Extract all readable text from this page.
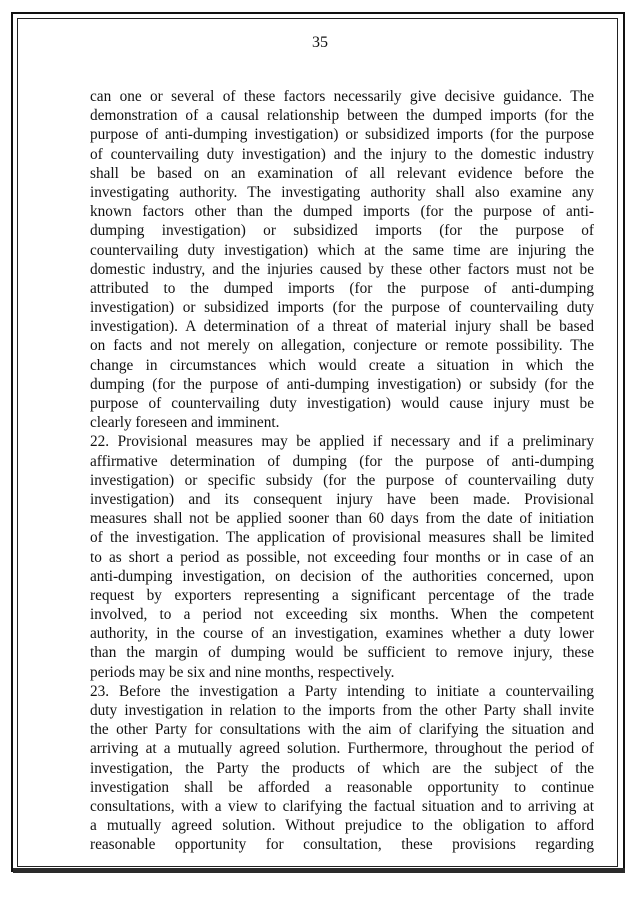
35
can one or several of these factors necessarily give decisive guidance. The
demonstration of a causal relationship between the dumped imports (for the
purpose of anti-dumping investigation) or subsidized imports (for the purpose
of countervailing duty investigation) and the injury to the domestic industry
shall be based on an examination of all relevant evidence before the
investigating authority. The investigating authority shall also examine any
known factors other than the dumped imports (for the purpose of anti-
dumping investigation) or subsidized imports (for the purpose of
countervailing duty investigation) which at the same time are injuring the
domestic industry, and the injuries caused by these other factors must not be
attributed to the dumped imports (for the purpose of anti-dumping
investigation) or subsidized imports (for the purpose of countervailing duty
investigation). A determination of a threat of material injury shall be based
on facts and not merely on allegation, conjecture or remote possibility. The
change in circumstances which would create a situation in which the
dumping (for the purpose of anti-dumping investigation) or subsidy (for the
purpose of countervailing duty investigation) would cause injury must be
clearly foreseen and imminent.
22. Provisional measures may be applied if necessary and if a preliminary
affirmative determination of dumping (for the purpose of anti-dumping
investigation) or specific subsidy (for the purpose of countervailing duty
investigation) and its consequent injury have been made. Provisional
measures shall not be applied sooner than 60 days from the date of initiation
of the investigation. The application of provisional measures shall be limited
to as short a period as possible, not exceeding four months or in case of an
anti-dumping investigation, on decision of the authorities concerned, upon
request by exporters representing a significant percentage of the trade
involved, to a period not exceeding six months. When the competent
authority, in the course of an investigation, examines whether a duty lower
than the margin of dumping would be sufficient to remove injury, these
periods may be six and nine months, respectively.
23. Before the investigation a Party intending to initiate a countervailing
duty investigation in relation to the imports from the other Party shall invite
the other Party for consultations with the aim of clarifying the situation and
arriving at a mutually agreed solution. Furthermore, throughout the period of
investigation, the Party the products of which are the subject of the
investigation shall be afforded a reasonable opportunity to continue
consultations, with a view to clarifying the factual situation and to arriving at
a mutually agreed solution. Without prejudice to the obligation to afford
reasonable opportunity for consultation, these provisions regarding
